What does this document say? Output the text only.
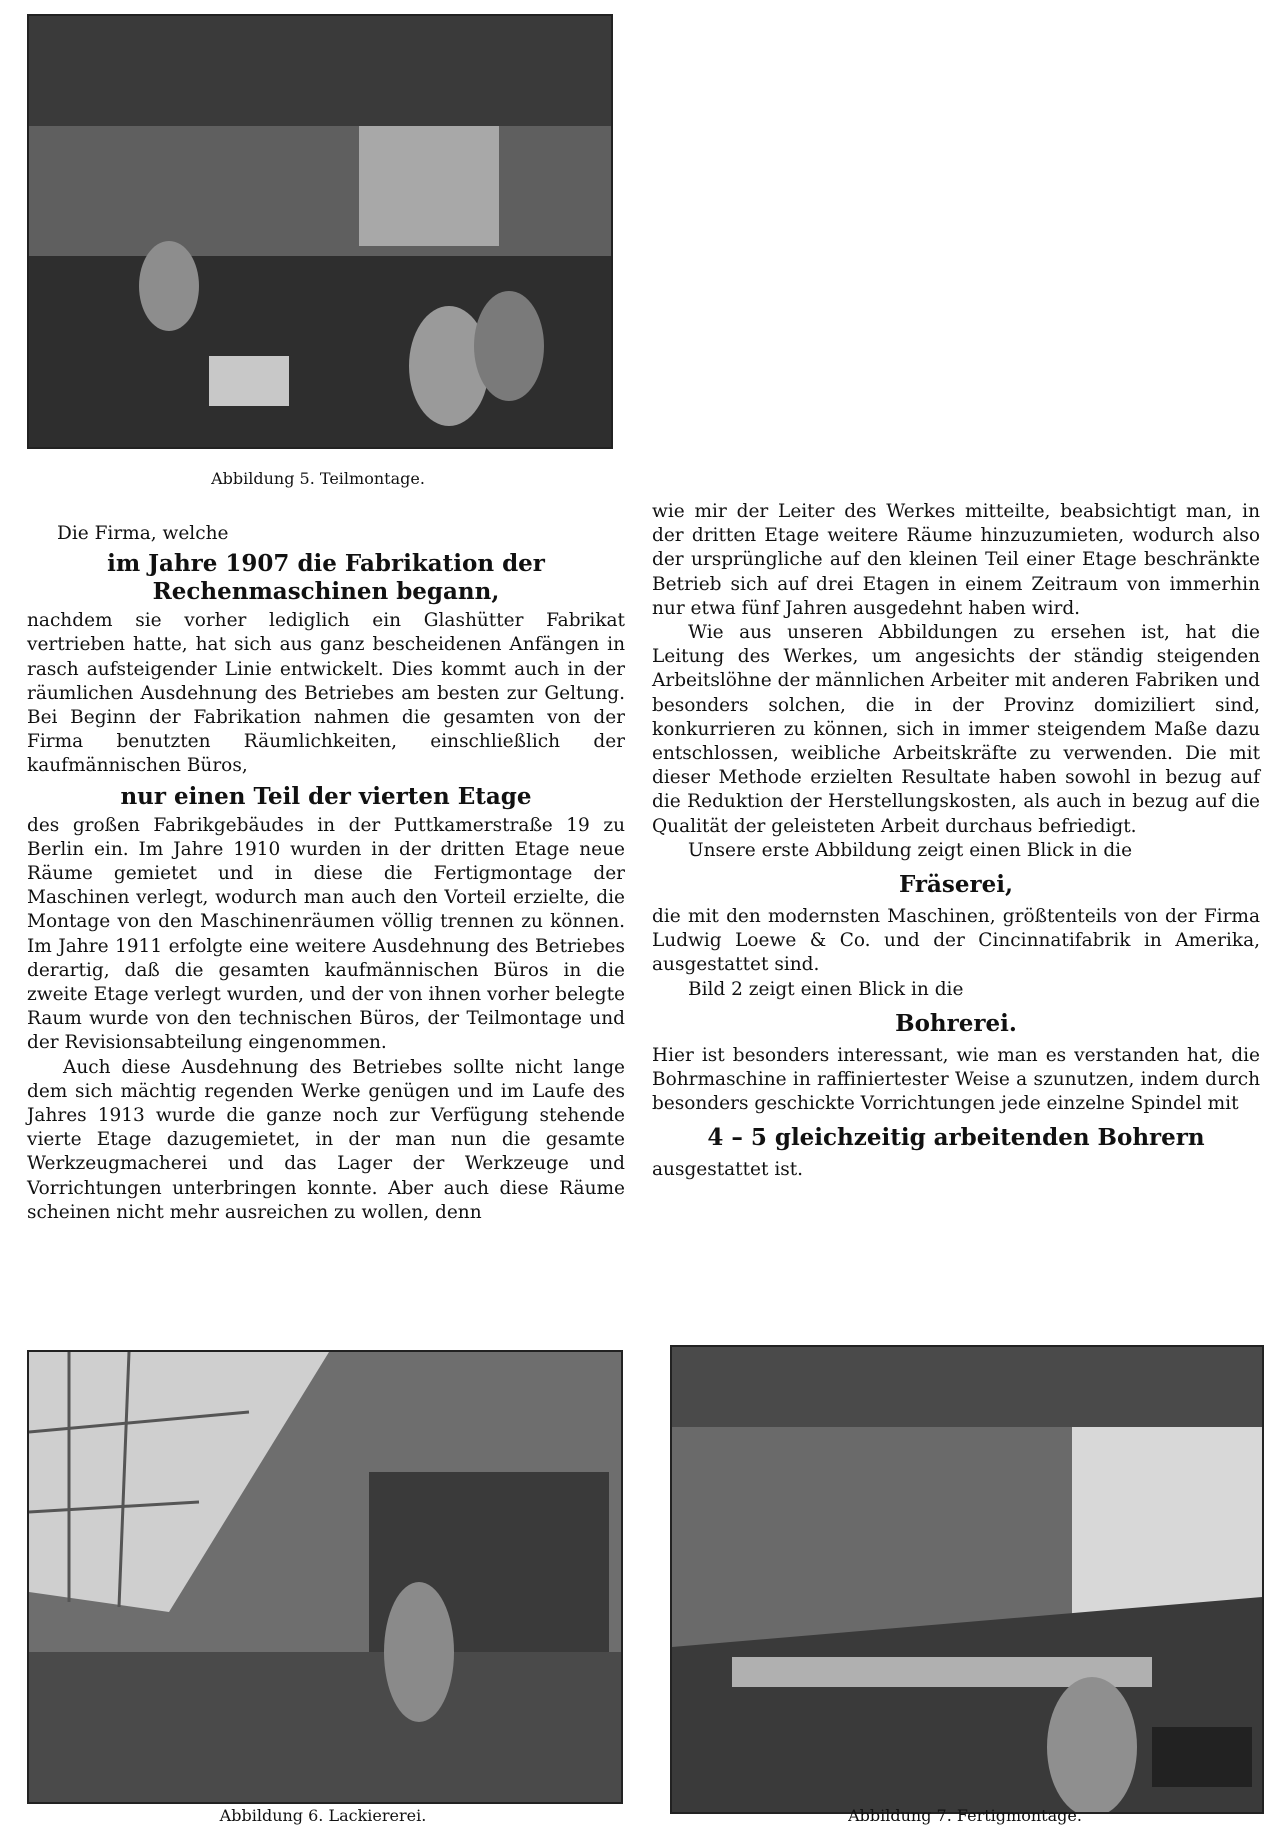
Abbildung 5. Teilmontage.

Die Firma, welche

im Jahre 1907 die Fabrikation der Rechenmaschinen begann,

nachdem sie vorher lediglich ein Glashütter Fabrikat vertrieben hatte, hat sich aus ganz bescheidenen Anfängen in rasch aufsteigender Linie entwickelt. Dies kommt auch in der räumlichen Ausdehnung des Betriebes am besten zur Geltung. Bei Beginn der Fabrikation nahmen die gesamten von der Firma benutzten Räumlichkeiten, einschließlich der kaufmännischen Büros,

nur einen Teil der vierten Etage

des großen Fabrikgebäudes in der Puttkamerstraße 19 zu Berlin ein. Im Jahre 1910 wurden in der dritten Etage neue Räume gemietet und in diese die Fertigmontage der Maschinen verlegt, wodurch man auch den Vorteil erzielte, die Montage von den Maschinenräumen völlig trennen zu können. Im Jahre 1911 erfolgte eine weitere Ausdehnung des Betriebes derartig, daß die gesamten kaufmännischen Büros in die zweite Etage verlegt wurden, und der von ihnen vorher belegte Raum wurde von den technischen Büros, der Teilmontage und der Revisionsabteilung eingenommen.

Auch diese Ausdehnung des Betriebes sollte nicht lange dem sich mächtig regenden Werke genügen und im Laufe des Jahres 1913 wurde die ganze noch zur Verfügung stehende vierte Etage dazugemietet, in der man nun die gesamte Werkzeugmacherei und das Lager der Werkzeuge und Vorrichtungen unterbringen konnte. Aber auch diese Räume scheinen nicht mehr ausreichen zu wollen, denn

wie mir der Leiter des Werkes mitteilte, beabsichtigt man, in der dritten Etage weitere Räume hinzuzumieten, wodurch also der ursprüngliche auf den kleinen Teil einer Etage beschränkte Betrieb sich auf drei Etagen in einem Zeitraum von immerhin nur etwa fünf Jahren ausgedehnt haben wird.

Wie aus unseren Abbildungen zu ersehen ist, hat die Leitung des Werkes, um angesichts der ständig steigenden Arbeitslöhne der männlichen Arbeiter mit anderen Fabriken und besonders solchen, die in der Provinz domiziliert sind, konkurrieren zu können, sich in immer steigendem Maße dazu entschlossen, weibliche Arbeitskräfte zu verwenden. Die mit dieser Methode erzielten Resultate haben sowohl in bezug auf die Reduktion der Herstellungskosten, als auch in bezug auf die Qualität der geleisteten Arbeit durchaus befriedigt.

Unsere erste Abbildung zeigt einen Blick in die

Fräserei,

die mit den modernsten Maschinen, größtenteils von der Firma Ludwig Loewe & Co. und der Cincinnatifabrik in Amerika, ausgestattet sind.

Bild 2 zeigt einen Blick in die

Bohrerei.

Hier ist besonders interessant, wie man es verstanden hat, die Bohrmaschine in raffiniertester Weise a szunutzen, indem durch besonders geschickte Vorrichtungen jede einzelne Spindel mit

4 – 5 gleichzeitig arbeitenden Bohrern

ausgestattet ist.

Abbildung 6. Lackiererei.	Abbildung 7. Fertigmontage.
